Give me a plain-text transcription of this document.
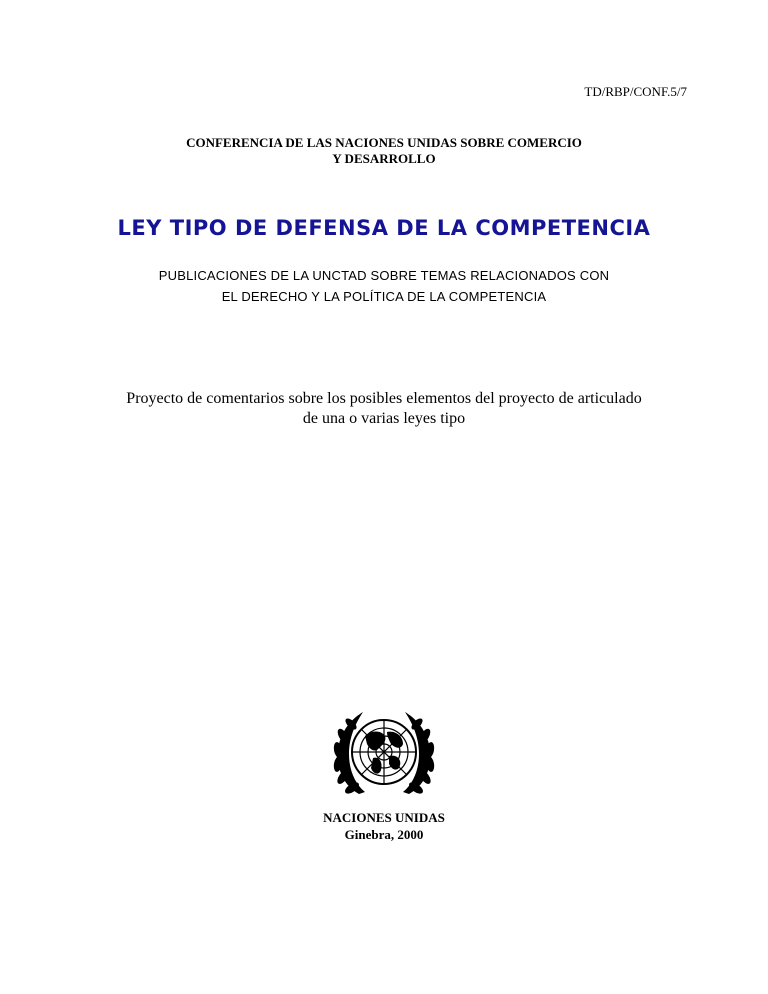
TD/RBP/CONF.5/7
CONFERENCIA DE LAS NACIONES UNIDAS SOBRE COMERCIO
Y DESARROLLO
LEY TIPO DE DEFENSA DE LA COMPETENCIA
PUBLICACIONES DE LA UNCTAD SOBRE TEMAS RELACIONADOS CON
EL DERECHO Y LA POLÍTICA DE LA COMPETENCIA
Proyecto de comentarios sobre los posibles elementos del proyecto de articulado
de una o varias leyes tipo
NACIONES UNIDAS
Ginebra, 2000
